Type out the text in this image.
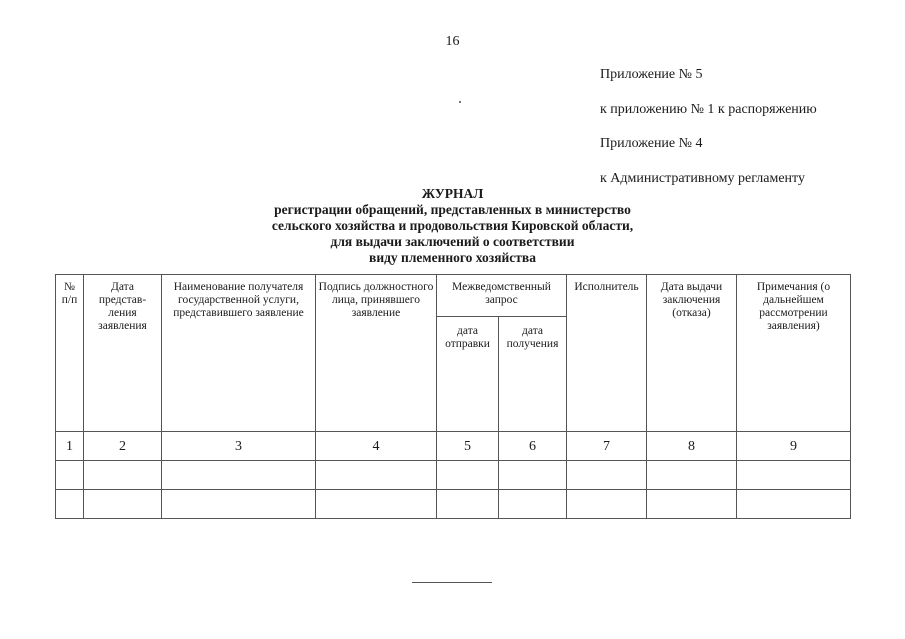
16
Приложение № 5
к приложению № 1 к распоряжению
Приложение № 4
к Административному регламенту
ЖУРНАЛ
регистрации обращений, представленных в министерство
сельского хозяйства и продовольствия Кировской области,
для выдачи заключений о соответствии
виду племенного хозяйства
№ п/п	Дата представ-ления заявления	Наименование получателя государственной услуги, представившего заявление	Подпись должностного лица, принявшего заявление	Межведомственный запрос		Исполнитель	Дата выдачи заключения (отказа)	Примечания (о дальнейшем рассмотрении заявления)
				дата отправки	дата получения			
1	2	3	4	5	6	7	8	9
